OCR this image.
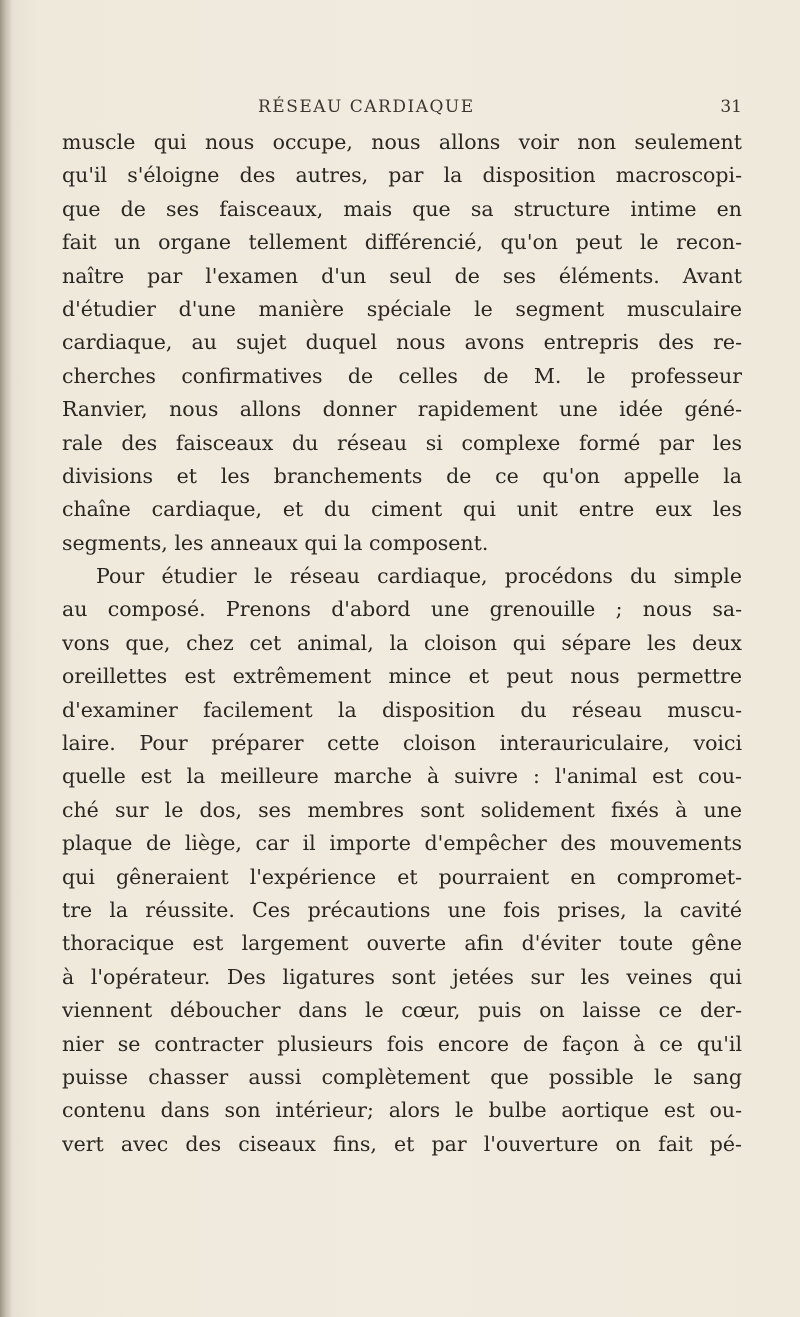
RÉSEAU CARDIAQUE	31
muscle qui nous occupe, nous allons voir non seulement
qu'il s'éloigne des autres, par la disposition macroscopi-
que de ses faisceaux, mais que sa structure intime en
fait un organe tellement différencié, qu'on peut le recon-
naître par l'examen d'un seul de ses éléments. Avant
d'étudier d'une manière spéciale le segment musculaire
cardiaque, au sujet duquel nous avons entrepris des re-
cherches confirmatives de celles de M. le professeur
Ranvier, nous allons donner rapidement une idée géné-
rale des faisceaux du réseau si complexe formé par les
divisions et les branchements de ce qu'on appelle la
chaîne cardiaque, et du ciment qui unit entre eux les
segments, les anneaux qui la composent.
Pour étudier le réseau cardiaque, procédons du simple
au composé. Prenons d'abord une grenouille ; nous sa-
vons que, chez cet animal, la cloison qui sépare les deux
oreillettes est extrêmement mince et peut nous permettre
d'examiner facilement la disposition du réseau muscu-
laire. Pour préparer cette cloison interauriculaire, voici
quelle est la meilleure marche à suivre : l'animal est cou-
ché sur le dos, ses membres sont solidement fixés à une
plaque de liège, car il importe d'empêcher des mouvements
qui gêneraient l'expérience et pourraient en compromet-
tre la réussite. Ces précautions une fois prises, la cavité
thoracique est largement ouverte afin d'éviter toute gêne
à l'opérateur. Des ligatures sont jetées sur les veines qui
viennent déboucher dans le cœur, puis on laisse ce der-
nier se contracter plusieurs fois encore de façon à ce qu'il
puisse chasser aussi complètement que possible le sang
contenu dans son intérieur; alors le bulbe aortique est ou-
vert avec des ciseaux fins, et par l'ouverture on fait pé-
